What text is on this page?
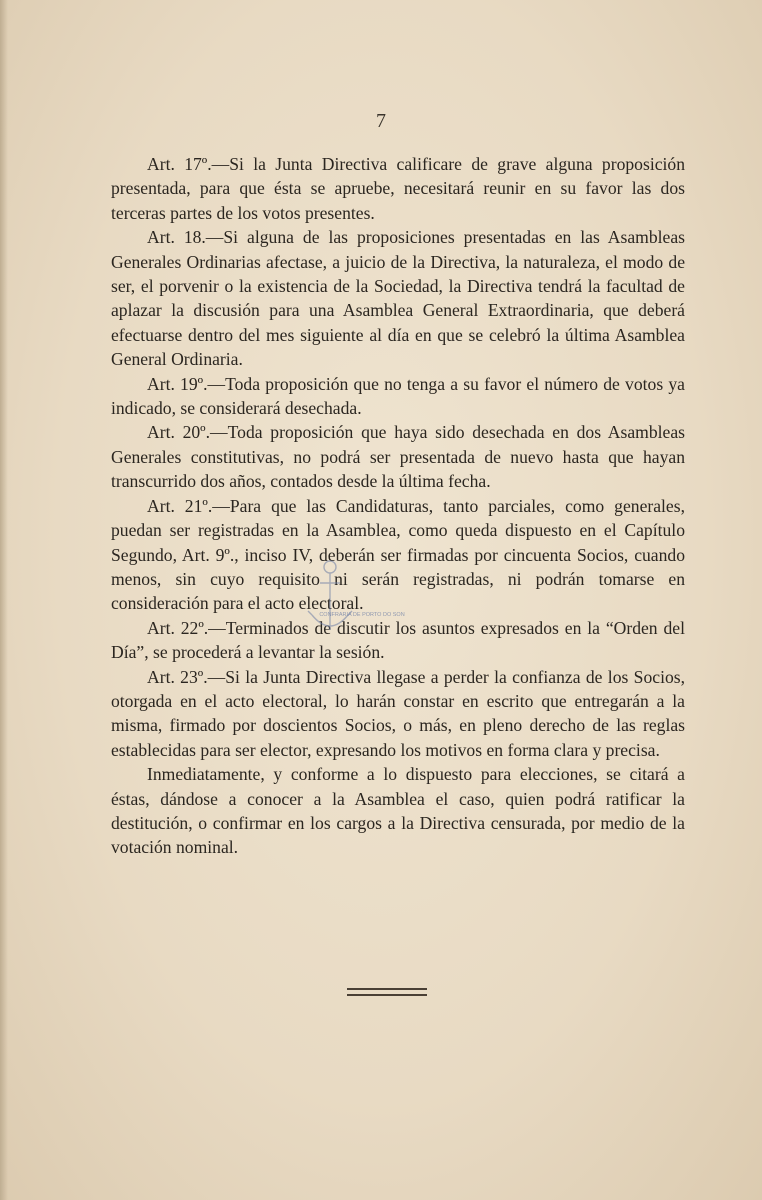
7

Art. 17º.—Si la Junta Directiva calificare de grave alguna proposición presentada, para que ésta se apruebe, necesitará reunir en su favor las dos terceras partes de los votos presentes.

Art. 18.—Si alguna de las proposiciones presentadas en las Asambleas Generales Ordinarias afectase, a juicio de la Directiva, la naturaleza, el modo de ser, el porvenir o la existencia de la Sociedad, la Directiva tendrá la facultad de aplazar la discusión para una Asamblea General Extraordinaria, que deberá efectuarse dentro del mes siguiente al día en que se celebró la última Asamblea General Ordinaria.

Art. 19º.—Toda proposición que no tenga a su favor el número de votos ya indicado, se considerará desechada.

Art. 20º.—Toda proposición que haya sido desechada en dos Asambleas Generales constitutivas, no podrá ser presentada de nuevo hasta que hayan transcurrido dos años, contados desde la última fecha.

Art. 21º.—Para que las Candidaturas, tanto parciales, como generales, puedan ser registradas en la Asamblea, como queda dispuesto en el Capítulo Segundo, Art. 9º., inciso IV, deberán ser firmadas por cincuenta Socios, cuando menos, sin cuyo requisito ni serán registradas, ni podrán tomarse en consideración para el acto electoral.

Art. 22º.—Terminados de discutir los asuntos expresados en la “Orden del Día”, se procederá a levantar la sesión.

Art. 23º.—Si la Junta Directiva llegase a perder la confianza de los Socios, otorgada en el acto electoral, lo harán constar en escrito que entregarán a la misma, firmado por doscientos Socios, o más, en pleno derecho de las reglas establecidas para ser elector, expresando los motivos en forma clara y precisa.

Inmediatamente, y conforme a lo dispuesto para elecciones, se citará a éstas, dándose a conocer a la Asamblea el caso, quien podrá ratificar la destitución, o confirmar en los cargos a la Directiva censurada, por medio de la votación nominal.

CONFRARIA DE PORTO DO SON
